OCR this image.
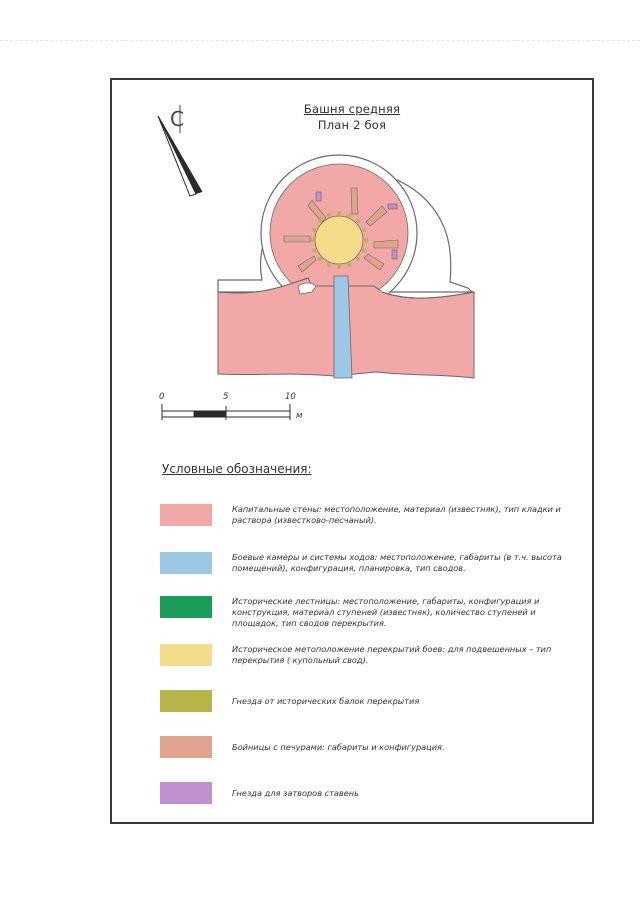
Башня средняя
План 2 боя
С
0	5	10
м
Условные обозначения:
Капитальные стены: местоположение, материал (известняк), тип кладки и раствора (известково-песчаный).
Боевые камеры и системы ходов: местоположение, габариты (в т.ч. высота помещений), конфигурация, планировка, тип сводов.
Исторические лестницы: местоположение, габариты, конфигурация и конструкция, материал ступеней (известняк), количество ступеней и площадок, тип сводов перекрытия.
Историческое метоположение перекрытий боев: для подвешенных – тип перекрытия ( купольный свод).
Гнезда от исторических балок перекрытия
Бойницы с печурами: габариты и конфигурация.
Гнезда для затворов ставень
